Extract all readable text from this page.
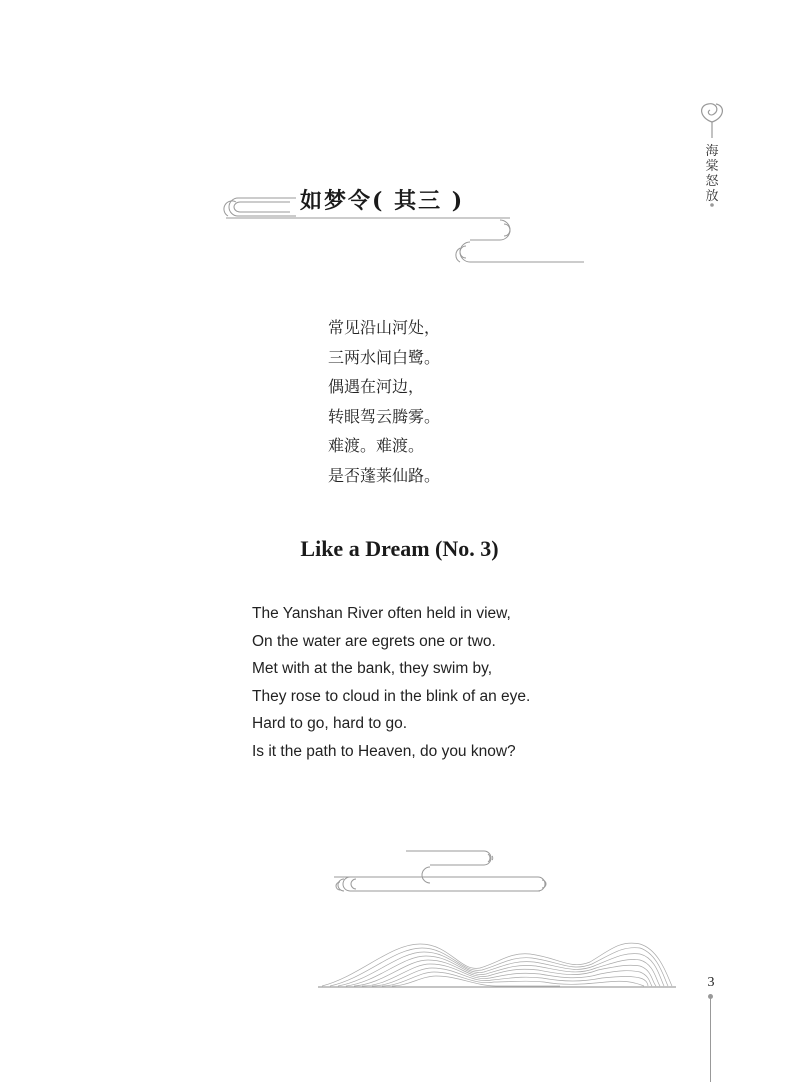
海
棠
怒
放
如梦令( 其三 )
常见沿山河处，
三两水间白鹭。
偶遇在河边，
转眼驾云腾雾。
难渡。难渡。
是否蓬莱仙路。
Like a Dream (No. 3)
The Yanshan River often held in view,
On the water are egrets one or two.
Met with at the bank, they swim by,
They rose to cloud in the blink of an eye.
Hard to go, hard to go.
Is it the path to Heaven, do you know?
3
